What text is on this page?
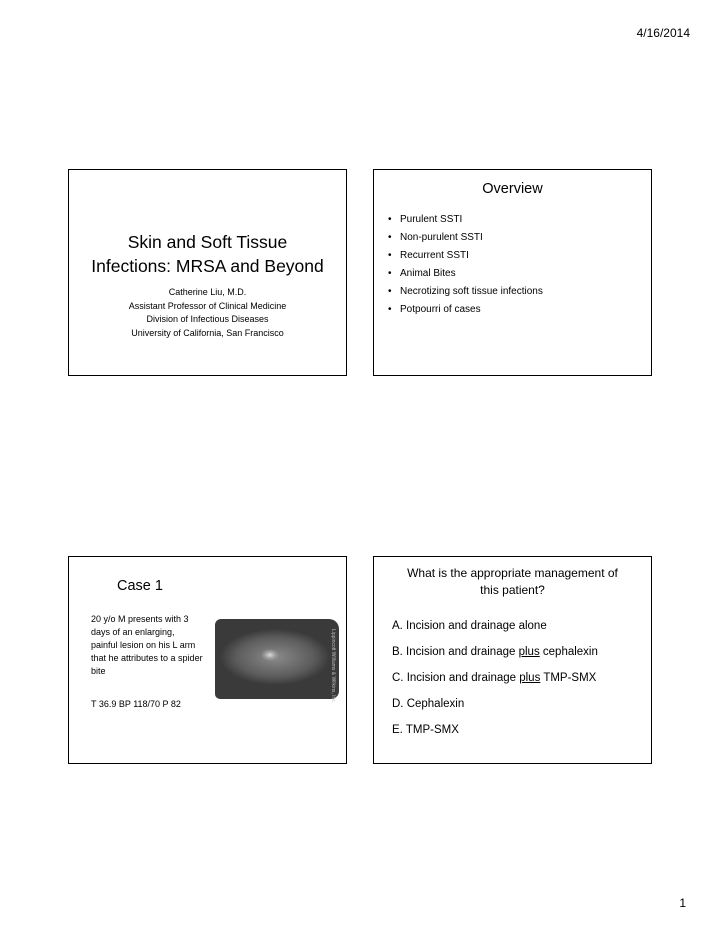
4/16/2014
Skin and Soft Tissue
Infections: MRSA and Beyond
Catherine Liu, M.D.
Assistant Professor of Clinical Medicine
Division of Infectious Diseases
University of California, San Francisco
Overview
• Purulent SSTI
• Non-purulent SSTI
• Recurrent SSTI
• Animal Bites
• Necrotizing soft tissue infections
• Potpourri of cases
Case 1
20 y/o M presents with 3 days of an enlarging, painful lesion on his L arm that he attributes to a spider bite
T 36.9 BP 118/70 P 82
Lippincott Williams & Wilkins, Inc.
What is the appropriate management of
this patient?
A. Incision and drainage alone
B. Incision and drainage plus cephalexin
C. Incision and drainage plus TMP-SMX
D. Cephalexin
E. TMP-SMX
1
